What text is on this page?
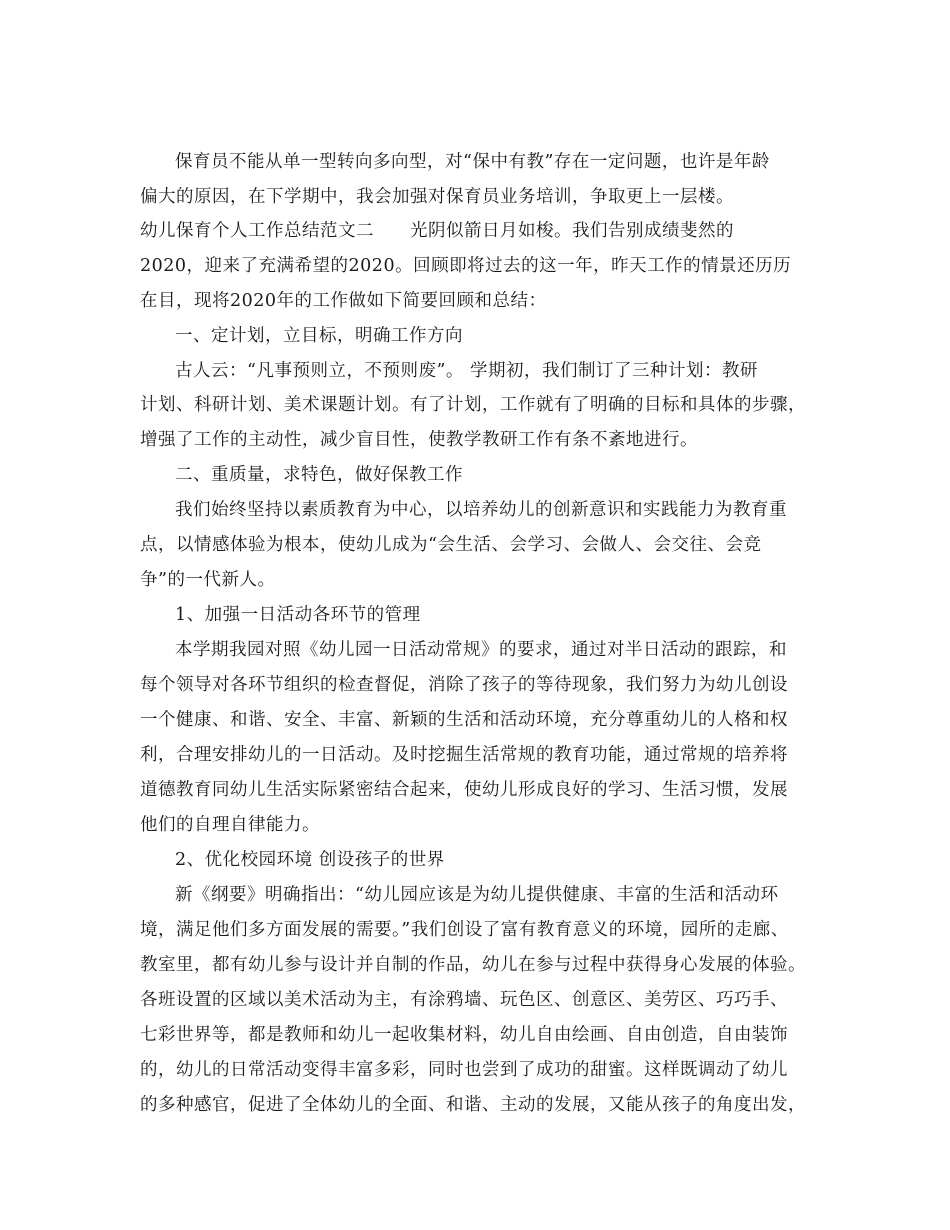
保育员不能从单一型转向多向型，对“保中有教”存在一定问题，也许是年龄
偏大的原因，在下学期中，我会加强对保育员业务培训，争取更上一层楼。
幼儿保育个人工作总结范文二 光阴似箭日月如梭。我们告别成绩斐然的
2020，迎来了充满希望的2020。回顾即将过去的这一年，昨天工作的情景还历历
在目，现将2020年的工作做如下简要回顾和总结：
一、定计划，立目标，明确工作方向
古人云：“凡事预则立，不预则废”。 学期初，我们制订了三种计划：教研
计划、科研计划、美术课题计划。有了计划，工作就有了明确的目标和具体的步骤，
增强了工作的主动性，减少盲目性，使教学教研工作有条不紊地进行。
二、重质量，求特色，做好保教工作
我们始终坚持以素质教育为中心，以培养幼儿的创新意识和实践能力为教育重
点，以情感体验为根本，使幼儿成为“会生活、会学习、会做人、会交往、会竞
争”的一代新人。
1、加强一日活动各环节的管理
本学期我园对照《幼儿园一日活动常规》的要求，通过对半日活动的跟踪，和
每个领导对各环节组织的检查督促，消除了孩子的等待现象，我们努力为幼儿创设
一个健康、和谐、安全、丰富、新颖的生活和活动环境，充分尊重幼儿的人格和权
利，合理安排幼儿的一日活动。及时挖掘生活常规的教育功能，通过常规的培养将
道德教育同幼儿生活实际紧密结合起来，使幼儿形成良好的学习、生活习惯，发展
他们的自理自律能力。
2、优化校园环境 创设孩子的世界
新《纲要》明确指出：“幼儿园应该是为幼儿提供健康、丰富的生活和活动环
境，满足他们多方面发展的需要。”我们创设了富有教育意义的环境，园所的走廊、
教室里，都有幼儿参与设计并自制的作品，幼儿在参与过程中获得身心发展的体验。
各班设置的区域以美术活动为主，有涂鸦墙、玩色区、创意区、美劳区、巧巧手、
七彩世界等，都是教师和幼儿一起收集材料，幼儿自由绘画、自由创造，自由装饰
的，幼儿的日常活动变得丰富多彩，同时也尝到了成功的甜蜜。这样既调动了幼儿
的多种感官，促进了全体幼儿的全面、和谐、主动的发展，又能从孩子的角度出发，
